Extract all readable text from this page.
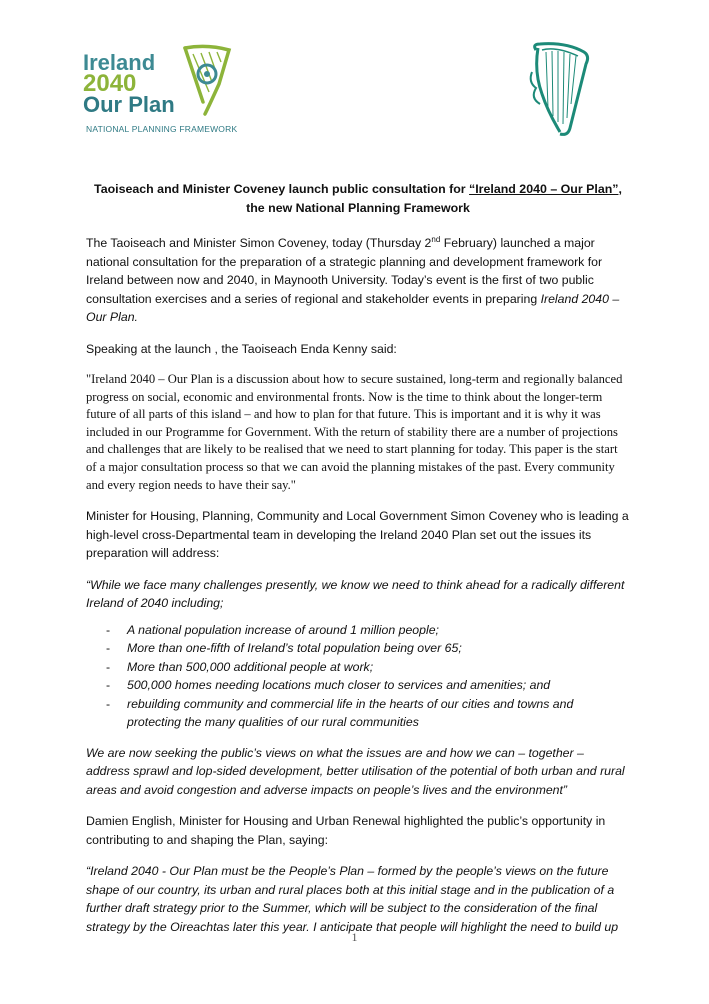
Ireland
2040
Our Plan
NATIONAL PLANNING FRAMEWORK
Taoiseach and Minister Coveney launch public consultation for “Ireland 2040 – Our Plan”, the new National Planning Framework

The Taoiseach and Minister Simon Coveney, today (Thursday 2nd February) launched a major national consultation for the preparation of a strategic planning and development framework for Ireland between now and 2040, in Maynooth University. Today’s event is the first of two public consultation exercises and a series of regional and stakeholder events in preparing Ireland 2040 – Our Plan.

Speaking at the launch , the Taoiseach Enda Kenny said:

"Ireland 2040 – Our Plan is a discussion about how to secure sustained, long-term and regionally balanced progress on social, economic and environmental fronts. Now is the time to think about the longer-term future of all parts of this island – and how to plan for that future. This is important and it is why it was included in our Programme for Government. With the return of stability there are a number of projections and challenges that are likely to be realised that we need to start planning for today. This paper is the start of a major consultation process so that we can avoid the planning mistakes of the past. Every community and every region needs to have their say."

Minister for Housing, Planning, Community and Local Government Simon Coveney who is leading a high-level cross-Departmental team in developing the Ireland 2040 Plan set out the issues its preparation will address:

“While we face many challenges presently, we know we need to think ahead for a radically different Ireland of 2040 including;

- A national population increase of around 1 million people;
- More than one-fifth of Ireland’s total population being over 65;
- More than 500,000 additional people at work;
- 500,000 homes needing locations much closer to services and amenities; and
- rebuilding community and commercial life in the hearts of our cities and towns and protecting the many qualities of our rural communities

We are now seeking the public’s views on what the issues are and how we can – together – address sprawl and lop-sided development, better utilisation of the potential of both urban and rural areas and avoid congestion and adverse impacts on people’s lives and the environment”

Damien English, Minister for Housing and Urban Renewal highlighted the public’s opportunity in contributing to and shaping the Plan, saying:

“Ireland 2040 - Our Plan must be the People’s Plan – formed by the people’s views on the future shape of our country, its urban and rural places both at this initial stage and in the publication of a further draft strategy prior to the Summer, which will be subject to the consideration of the final strategy by the Oireachtas later this year. I anticipate that people will highlight the need to build up

1
